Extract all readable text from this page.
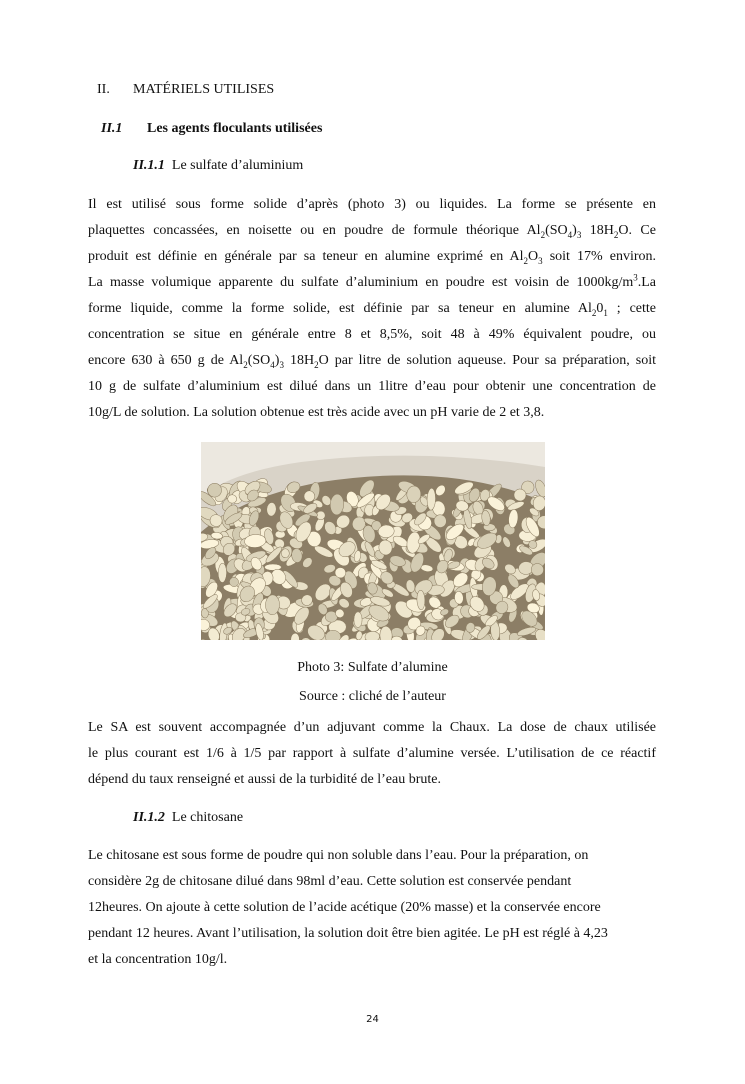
II. MATÉRIELS UTILISES
II.1 Les agents floculants utilisées
II.1.1 Le sulfate d’aluminium
Il est utilisé sous forme solide d’après (photo 3) ou liquides. La forme se présente en
plaquettes concassées, en noisette ou en poudre de formule théorique $Al_2(SO_4)_3$ $18H_2O$. Ce
produit est définie en générale par sa teneur en alumine exprimé en $Al_2O_3$ soit 17% environ.
La masse volumique apparente du sulfate d’aluminium en poudre est voisin de $1000kg/m^3.La$
forme liquide, comme la forme solide, est définie par sa teneur en alumine $Al_20_1$ ; cette
concentration se situe en générale entre 8 et 8,5%, soit 48 à 49% équivalent poudre, ou
encore 630 à 650 g de $Al_2(SO_4)_3$ $18H_2O$ par litre de solution aqueuse. Pour sa préparation, soit
10 g de sulfate d’aluminium est dilué dans un 1litre d’eau pour obtenir une concentration de
10g/L de solution. La solution obtenue est très acide avec un pH varie de 2 et 3,8.
Photo 3: Sulfate d’alumine
Source : cliché de l’auteur
Le SA est souvent accompagnée d’un adjuvant comme la Chaux. La dose de chaux utilisée
le plus courant est 1/6 à 1/5 par rapport à sulfate d’alumine versée. L’utilisation de ce réactif
dépend du taux renseigné et aussi de la turbidité de l’eau brute.
II.1.2 Le chitosane
Le chitosane est sous forme de poudre qui non soluble dans l’eau. Pour la préparation, on
considère 2g de chitosane dilué dans 98ml d’eau. Cette solution est conservée pendant
12heures. On ajoute à cette solution de l’acide acétique (20% masse) et la conservée encore
pendant 12 heures. Avant l’utilisation, la solution doit être bien agitée. Le pH est réglé à 4,23
et la concentration 10g/l.
24
